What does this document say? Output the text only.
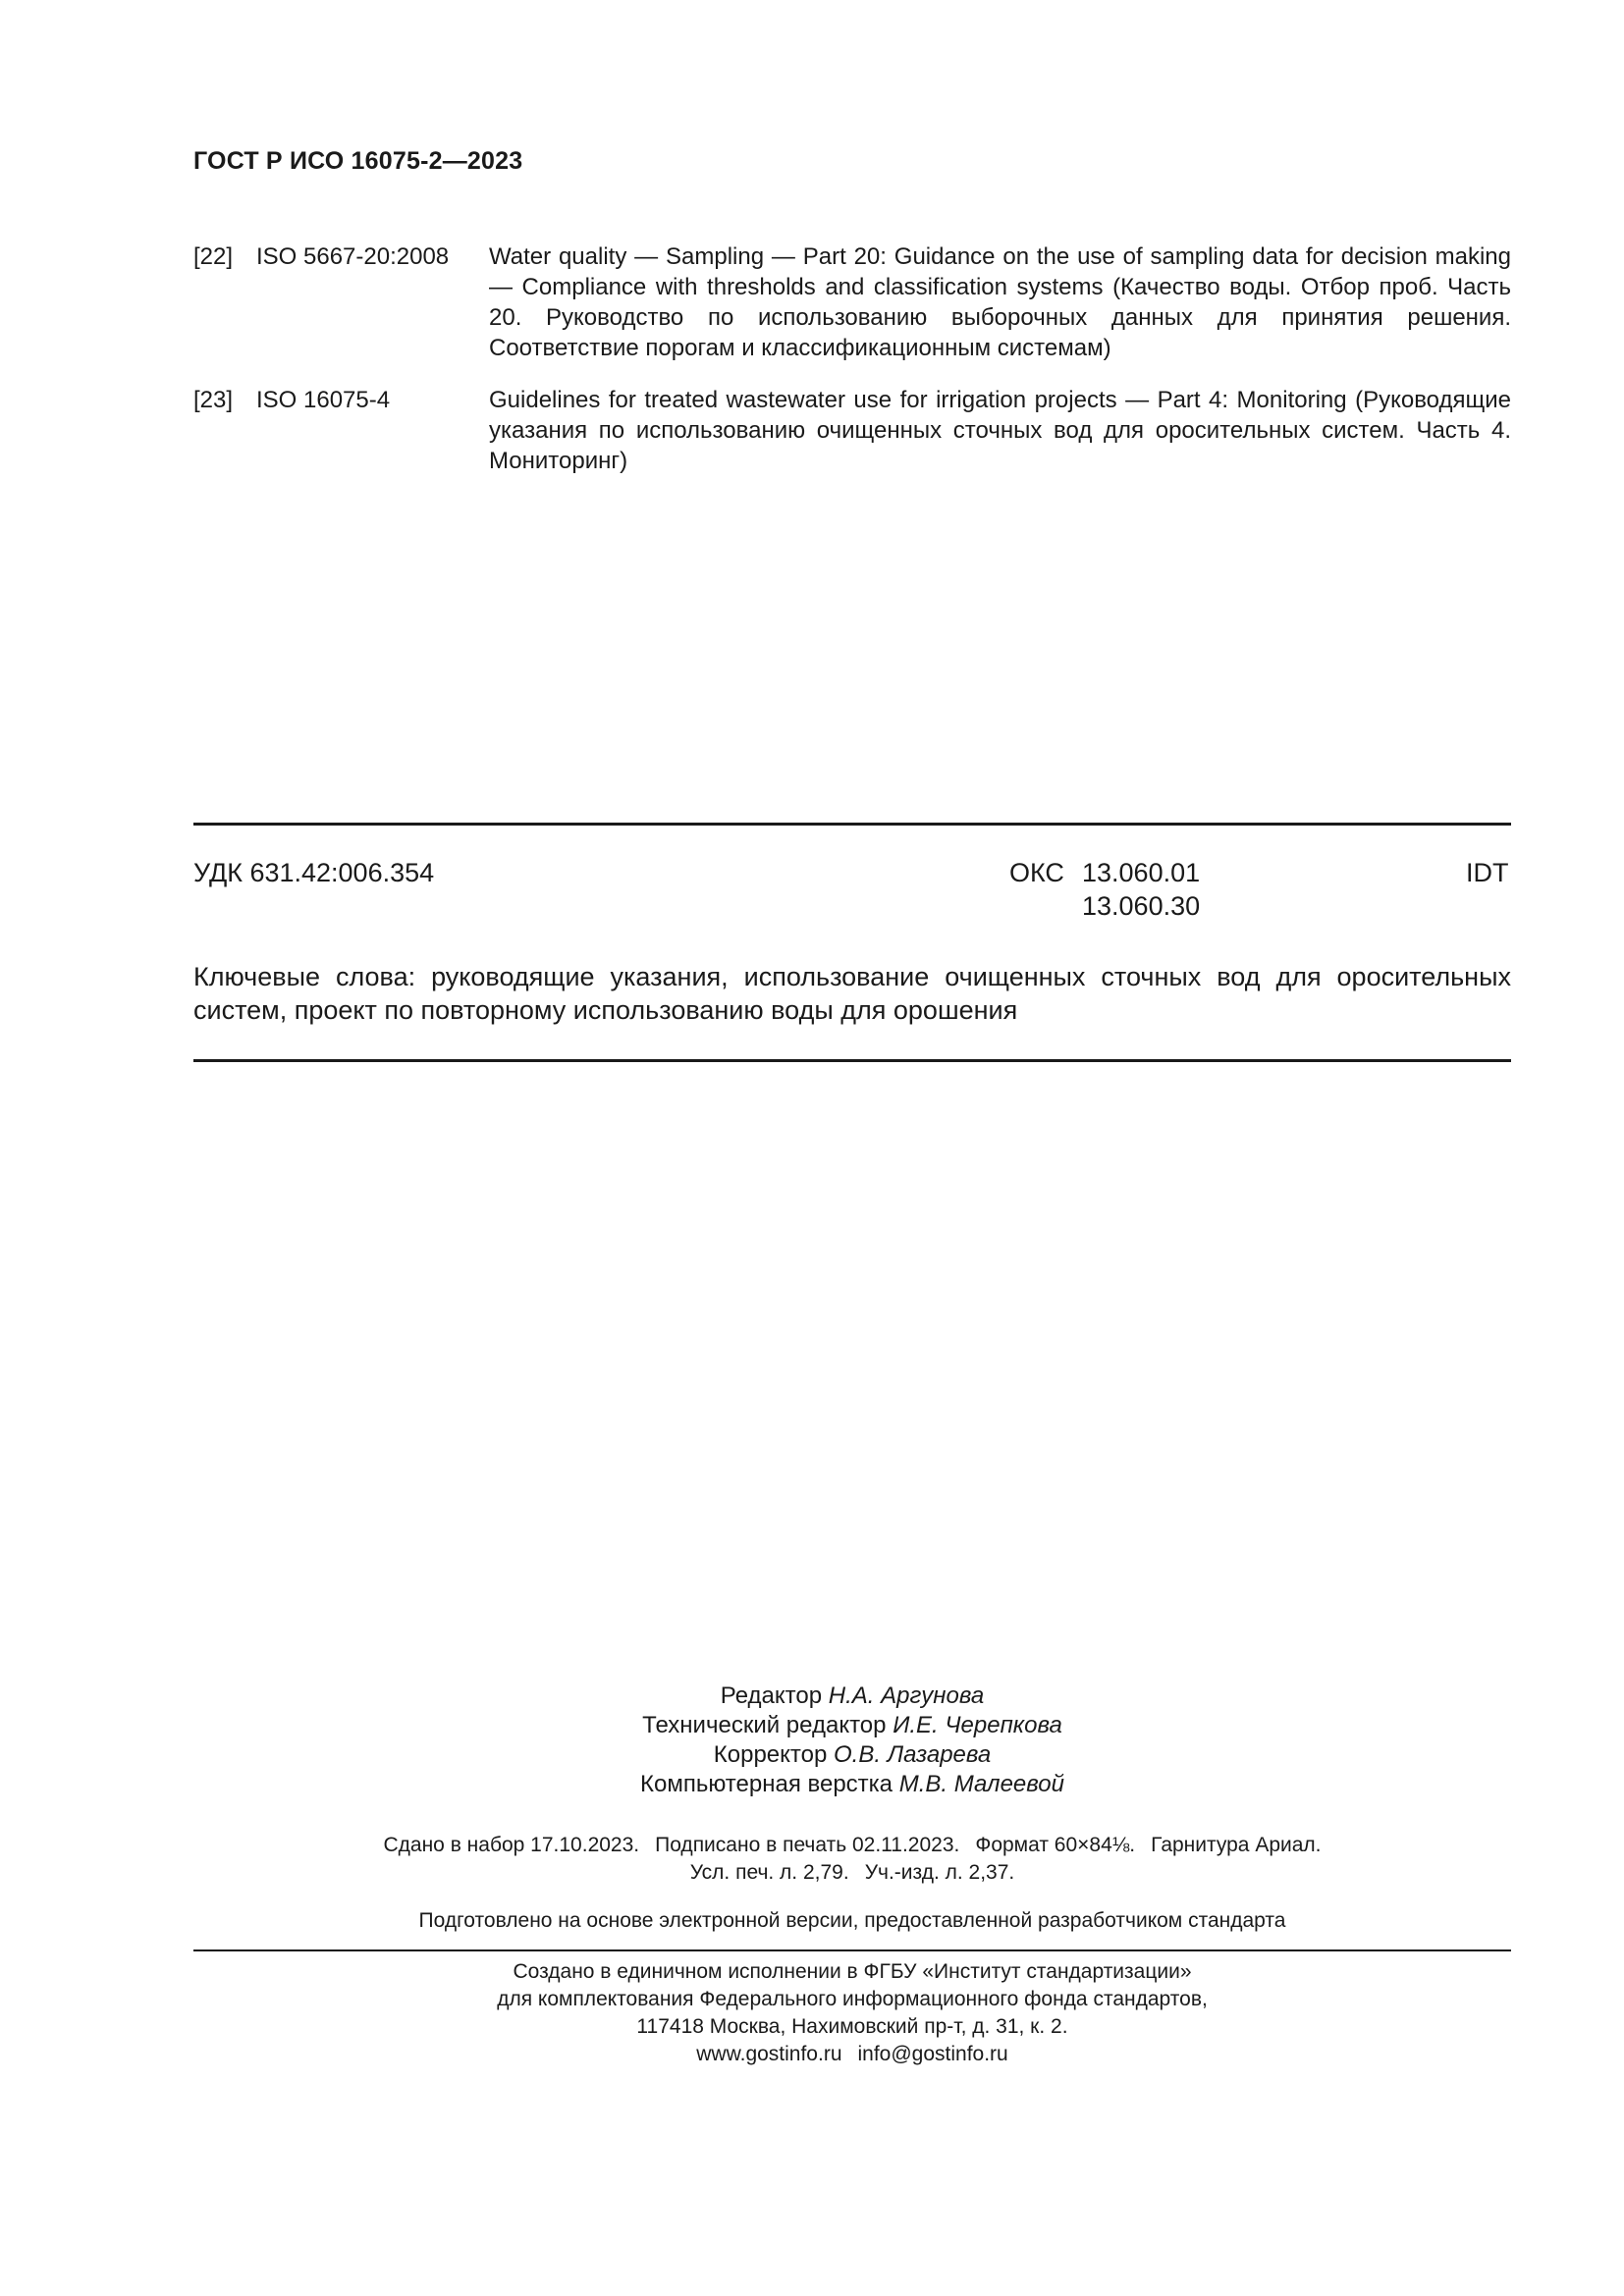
ГОСТ Р ИСО 16075-2—2023
[22] ISO 5667-20:2008 Water quality — Sampling — Part 20: Guidance on the use of sampling data for decision making — Compliance with thresholds and classification systems (Качество воды. Отбор проб. Часть 20. Руководство по использованию выборочных данных для принятия решения. Соответствие порогам и классификационным системам)
[23] ISO 16075-4	Guidelines for treated wastewater use for irrigation projects — Part 4: Monitoring (Руководящие указания по использованию очищенных сточных вод для оросительных систем. Часть 4. Мониторинг)
УДК 631.42:006.354	ОКС 13.060.01
13.060.30
IDT
Ключевые слова: руководящие указания, использование очищенных сточных вод для оросительных систем, проект по повторному использованию воды для орошения
Редактор Н.А. Аргунова
Технический редактор И.Е. Черепкова
Корректор О.В. Лазарева
Компьютерная верстка М.В. Малеевой
Сдано в набор 17.10.2023. Подписано в печать 02.11.2023. Формат 60×84⅛. Гарнитура Ариал.
Усл. печ. л. 2,79. Уч.-изд. л. 2,37.
Подготовлено на основе электронной версии, предоставленной разработчиком стандарта
Создано в единичном исполнении в ФГБУ «Институт стандартизации»
для комплектования Федерального информационного фонда стандартов,
117418 Москва, Нахимовский пр-т, д. 31, к. 2.
www.gostinfo.ru info@gostinfo.ru
